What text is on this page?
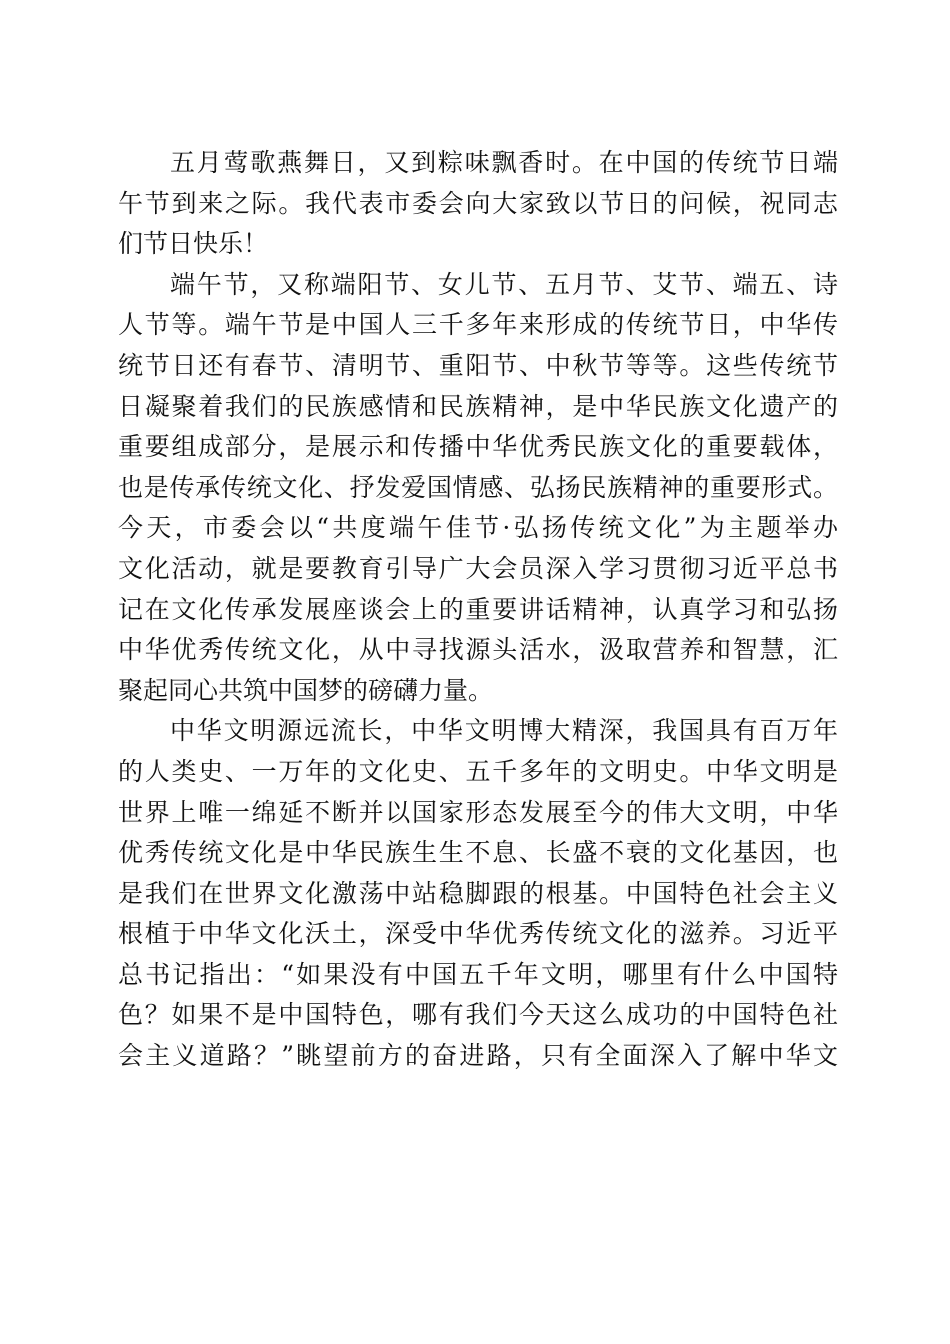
五月莺歌燕舞日，又到粽味飘香时。在中国的传统节日端
午节到来之际。我代表市委会向大家致以节日的问候，祝同志
们节日快乐！
端午节，又称端阳节、女儿节、五月节、艾节、端五、诗
人节等。端午节是中国人三千多年来形成的传统节日，中华传
统节日还有春节、清明节、重阳节、中秋节等等。这些传统节
日凝聚着我们的民族感情和民族精神，是中华民族文化遗产的
重要组成部分，是展示和传播中华优秀民族文化的重要载体，
也是传承传统文化、抒发爱国情感、弘扬民族精神的重要形式。
今天，市委会以“共度端午佳节·弘扬传统文化”为主题举办
文化活动，就是要教育引导广大会员深入学习贯彻习近平总书
记在文化传承发展座谈会上的重要讲话精神，认真学习和弘扬
中华优秀传统文化，从中寻找源头活水，汲取营养和智慧，汇
聚起同心共筑中国梦的磅礴力量。
中华文明源远流长，中华文明博大精深，我国具有百万年
的人类史、一万年的文化史、五千多年的文明史。中华文明是
世界上唯一绵延不断并以国家形态发展至今的伟大文明，中华
优秀传统文化是中华民族生生不息、长盛不衰的文化基因，也
是我们在世界文化激荡中站稳脚跟的根基。中国特色社会主义
根植于中华文化沃土，深受中华优秀传统文化的滋养。习近平
总书记指出：“如果没有中国五千年文明，哪里有什么中国特
色？如果不是中国特色，哪有我们今天这么成功的中国特色社
会主义道路？”眺望前方的奋进路，只有全面深入了解中华文
